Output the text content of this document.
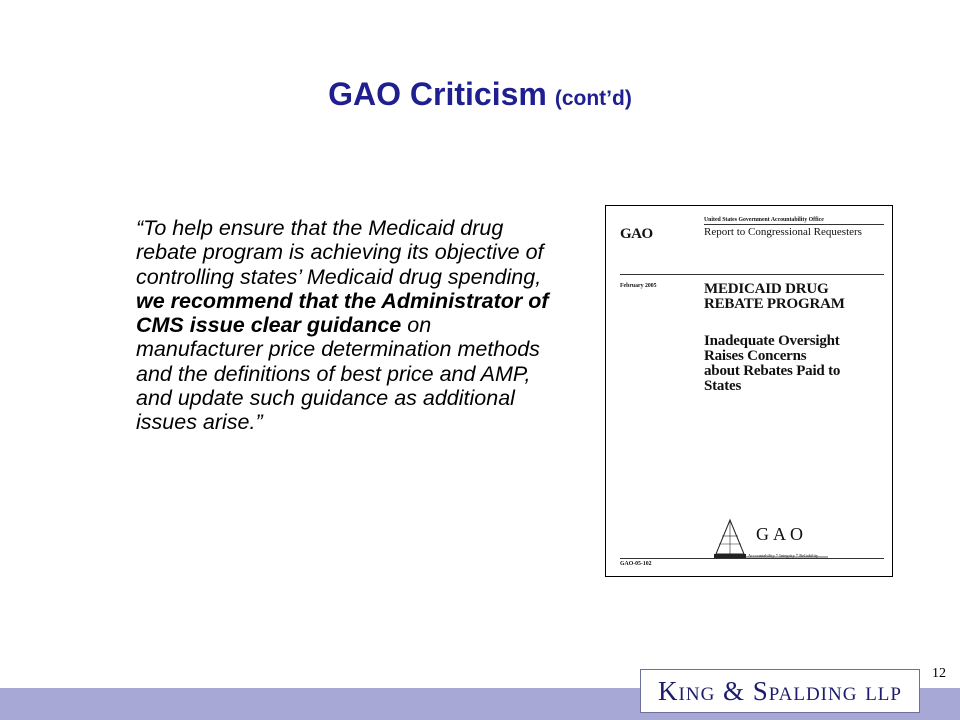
GAO Criticism (cont’d)
“To help ensure that the Medicaid drug rebate program is achieving its objective of controlling states’ Medicaid drug spending, we recommend that the Administrator of CMS issue clear guidance on manufacturer price determination methods and the definitions of best price and AMP, and update such guidance as additional issues arise.”
United States Government Accountability Office
GAO	Report to Congressional Requesters
February 2005	MEDICAID DRUG
REBATE PROGRAM
Inadequate Oversight
Raises Concerns
about Rebates Paid to
States
GAO
Accountability * Integrity * Reliability
GAO-05-102
12
King & Spalding llp
